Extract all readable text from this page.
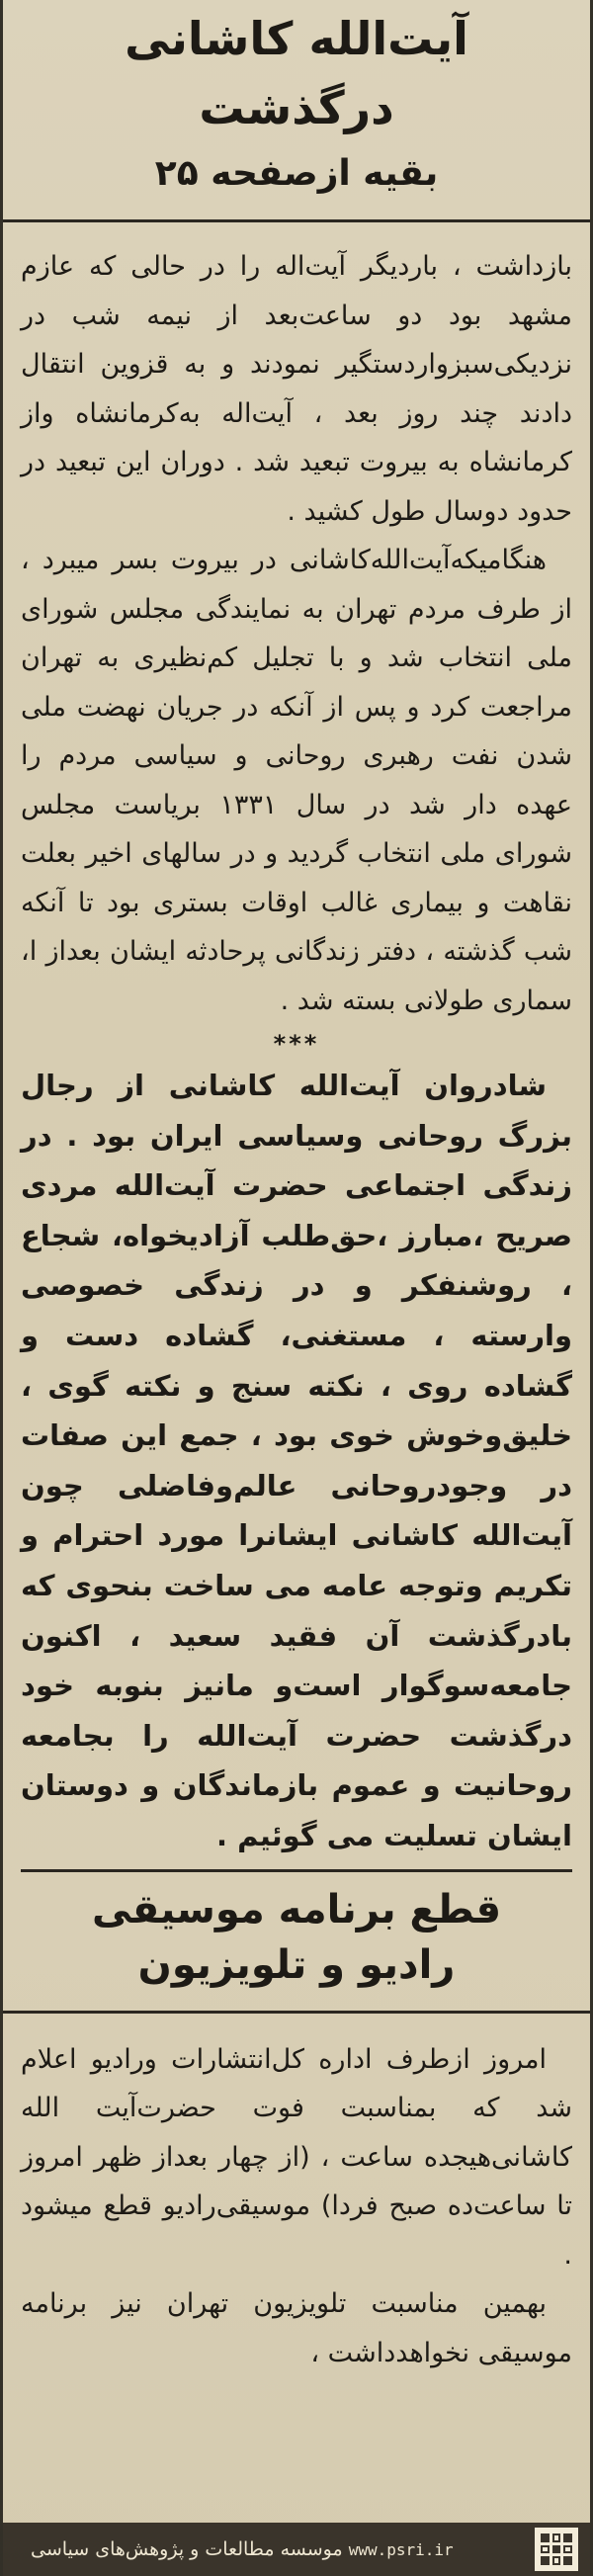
آیت‌الله کاشانی درگذشت
بقیه ازصفحه ۲۵

بازداشت ، باردیگر آیت‌اله را در حالی که عازم مشهد بود دو ساعت‌بعد از نیمه شب در نزدیکی‌سبزواردستگیر نمودند و به قزوین انتقال دادند چند روز بعد ، آیت‌اله به‌کرمانشاه واز کرمانشاه به بیروت تبعید شد . دوران این تبعید در حدود دوسال طول کشید .

هنگامیکه‌آیت‌الله‌کاشانی در بیروت بسر میبرد ، از طرف مردم تهران به نمایندگی مجلس شورای ملی انتخاب شد و با تجلیل کم‌نظیری به تهران مراجعت کرد و پس از آنکه در جریان نهضت ملی شدن نفت رهبری روحانی و سیاسی مردم را عهده دار شد در سال ۱۳۳۱ بریاست مجلس شورای ملی انتخاب گردید و در سالهای اخیر بعلت نقاهت و بیماری غالب اوقات بستری بود تا آنکه شب گذشته ، دفتر زندگانی پرحادثه ایشان بعداز ا‌، سماری طولانی بسته شد .

***

شادروان آیت‌الله کاشانی از رجال بزرگ روحانی وسیاسی ایران بود . در زندگی اجتماعی حضرت آیت‌الله مردی صریح ،مبارز ،حق‌طلب آزادیخواه، شجاع ، روشنفکر و در زندگی خصوصی وارسته ، مستغنی، گشاده دست و گشاده روی ، نکته سنج و نکته گوی ، خلیق‌وخوش خوی بود ، جمع این صفات در وجودروحانی عالم‌وفاضلی چون آیت‌الله کاشانی ایشانرا مورد احترام و تکریم وتوجه عامه می ساخت بنحوی که بادرگذشت آن فقید سعید ، اکنون جامعه‌سوگوار است‌و مانیز بنوبه خود درگذشت حضرت آیت‌الله را بجامعه روحانیت و عموم بازماندگان و دوستان ایشان تسلیت می گوئیم .

قطع برنامه موسیقی
رادیو و تلویزیون

امروز ازطرف اداره کل‌انتشارات ورادیو اعلام شد که بمناسبت فوت حضرت‌آیت الله کاشانی‌هیجده ساعت ، (از چهار بعداز ظهر امروز تا ساعت‌ده صبح فردا) موسیقی‌رادیو قطع میشود .

بهمین مناسبت تلویزیون تهران نیز برنامه موسیقی نخواهدداشت ،

www.psri.ir موسسه مطالعات و پژوهش‌های سیاسی
